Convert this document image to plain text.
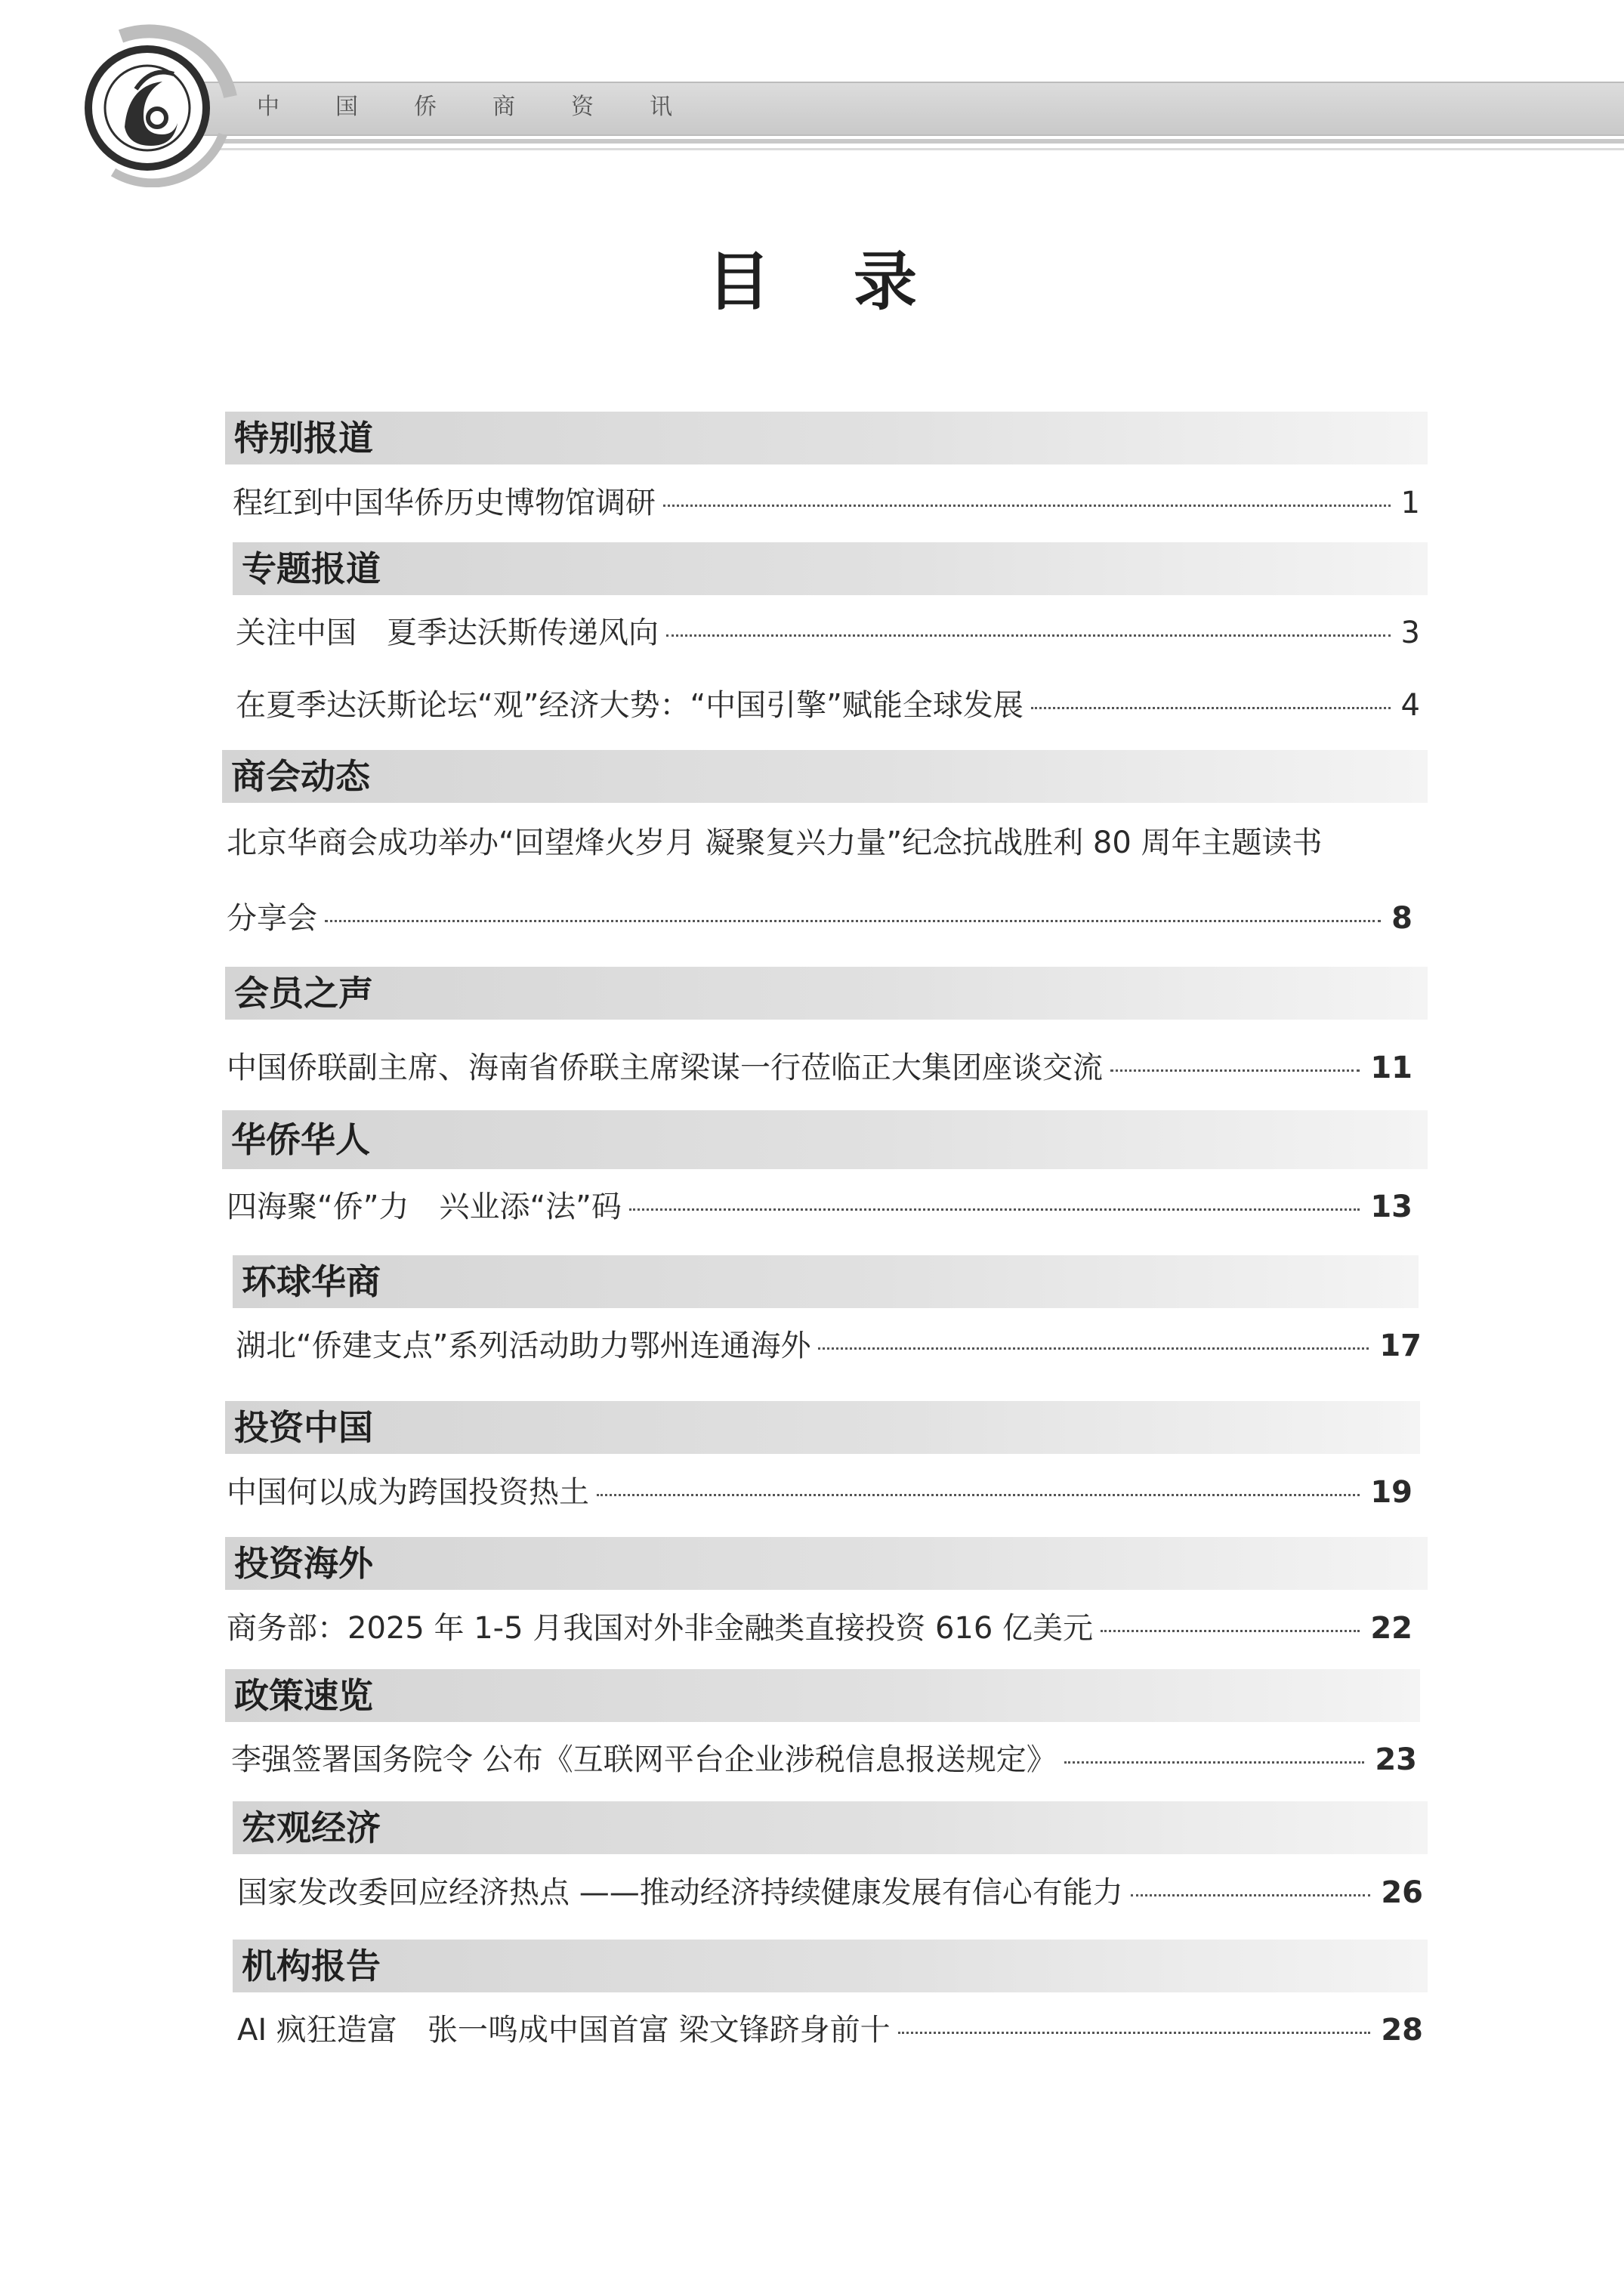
中国侨商资讯
目录
特别报道
程红到中国华侨历史博物馆调研	1
专题报道
关注中国　夏季达沃斯传递风向	3
在夏季达沃斯论坛“观”经济大势：“中国引擎”赋能全球发展	4
商会动态
北京华商会成功举办“回望烽火岁月 凝聚复兴力量”纪念抗战胜利 80 周年主题读书
分享会	8
会员之声
中国侨联副主席、海南省侨联主席梁谋一行莅临正大集团座谈交流	11
华侨华人
四海聚“侨”力　兴业添“法”码	13
环球华商
湖北“侨建支点”系列活动助力鄂州连通海外	17
投资中国
中国何以成为跨国投资热土	19
投资海外
商务部：2025 年 1-5 月我国对外非金融类直接投资 616 亿美元	22
政策速览
李强签署国务院令 公布《互联网平台企业涉税信息报送规定》	23
宏观经济
国家发改委回应经济热点 ——推动经济持续健康发展有信心有能力	26
机构报告
AI 疯狂造富　张一鸣成中国首富 梁文锋跻身前十	28
